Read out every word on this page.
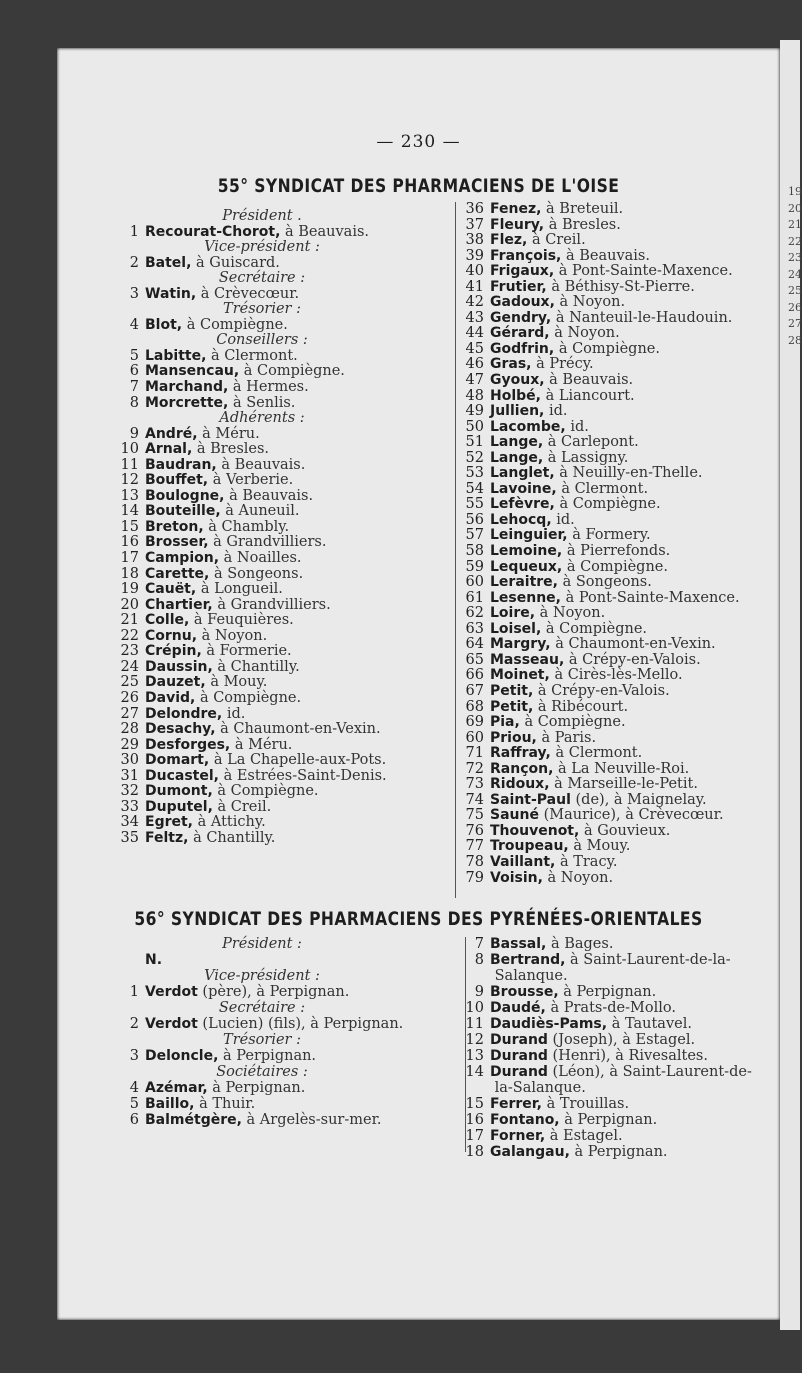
19
20
21
22
23
24
25
26
27
28
— 230 —
55° SYNDICAT DES PHARMACIENS DE L'OISE
Président .
1 Recourat-Chorot, à Beauvais.
Vice-président :
2 Batel, à Guiscard.
Secrétaire :
3 Watin, à Crèvecœur.
Trésorier :
4 Blot, à Compiègne.
Conseillers :
5 Labitte, à Clermont.
6 Mansencau, à Compiègne.
7 Marchand, à Hermes.
8 Morcrette, à Senlis.
Adhérents :
9 André, à Méru.
10 Arnal, à Bresles.
11 Baudran, à Beauvais.
12 Bouffet, à Verberie.
13 Boulogne, à Beauvais.
14 Bouteille, à Auneuil.
15 Breton, à Chambly.
16 Brosser, à Grandvilliers.
17 Campion, à Noailles.
18 Carette, à Songeons.
19 Cauët, à Longueil.
20 Chartier, à Grandvilliers.
21 Colle, à Feuquières.
22 Cornu, à Noyon.
23 Crépin, à Formerie.
24 Daussin, à Chantilly.
25 Dauzet, à Mouy.
26 David, à Compiègne.
27 Delondre, id.
28 Desachy, à Chaumont-en-Vexin.
29 Desforges, à Méru.
30 Domart, à La Chapelle-aux-Pots.
31 Ducastel, à Estrées-Saint-Denis.
32 Dumont, à Compiègne.
33 Duputel, à Creil.
34 Egret, à Attichy.
35 Feltz, à Chantilly.
36 Fenez, à Breteuil.
37 Fleury, à Bresles.
38 Flez, à Creil.
39 François, à Beauvais.
40 Frigaux, à Pont-Sainte-Maxence.
41 Frutier, à Béthisy-St-Pierre.
42 Gadoux, à Noyon.
43 Gendry, à Nanteuil-le-Haudouin.
44 Gérard, à Noyon.
45 Godfrin, à Compiègne.
46 Gras, à Précy.
47 Gyoux, à Beauvais.
48 Holbé, à Liancourt.
49 Jullien, id.
50 Lacombe, id.
51 Lange, à Carlepont.
52 Lange, à Lassigny.
53 Langlet, à Neuilly-en-Thelle.
54 Lavoine, à Clermont.
55 Lefèvre, à Compiègne.
56 Lehocq, id.
57 Leinguier, à Formery.
58 Lemoine, à Pierrefonds.
59 Lequeux, à Compiègne.
60 Leraitre, à Songeons.
61 Lesenne, à Pont-Sainte-Maxence.
62 Loire, à Noyon.
63 Loisel, à Compiègne.
64 Margry, à Chaumont-en-Vexin.
65 Masseau, à Crépy-en-Valois.
66 Moinet, à Cirès-lès-Mello.
67 Petit, à Crépy-en-Valois.
68 Petit, à Ribécourt.
69 Pia, à Compiègne.
60 Priou, à Paris.
71 Raffray, à Clermont.
72 Rançon, à La Neuville-Roi.
73 Ridoux, à Marseille-le-Petit.
74 Saint-Paul (de), à Maignelay.
75 Sauné (Maurice), à Crèvecœur.
76 Thouvenot, à Gouvieux.
77 Troupeau, à Mouy.
78 Vaillant, à Tracy.
79 Voisin, à Noyon.
56° SYNDICAT DES PHARMACIENS DES PYRÉNÉES-ORIENTALES
Président :
N.
Vice-président :
1 Verdot (père), à Perpignan.
Secrétaire :
2 Verdot (Lucien) (fils), à Perpignan.
Trésorier :
3 Deloncle, à Perpignan.
Sociétaires :
4 Azémar, à Perpignan.
5 Baillo, à Thuir.
6 Balmétgère, à Argelès-sur-mer.
7 Bassal, à Bages.
8 Bertrand, à Saint-Laurent-de-la-
Salanque.
9 Brousse, à Perpignan.
10 Daudé, à Prats-de-Mollo.
11 Daudiès-Pams, à Tautavel.
12 Durand (Joseph), à Estagel.
13 Durand (Henri), à Rivesaltes.
14 Durand (Léon), à Saint-Laurent-de-
la-Salanque.
15 Ferrer, à Trouillas.
16 Fontano, à Perpignan.
17 Forner, à Estagel.
18 Galangau, à Perpignan.
